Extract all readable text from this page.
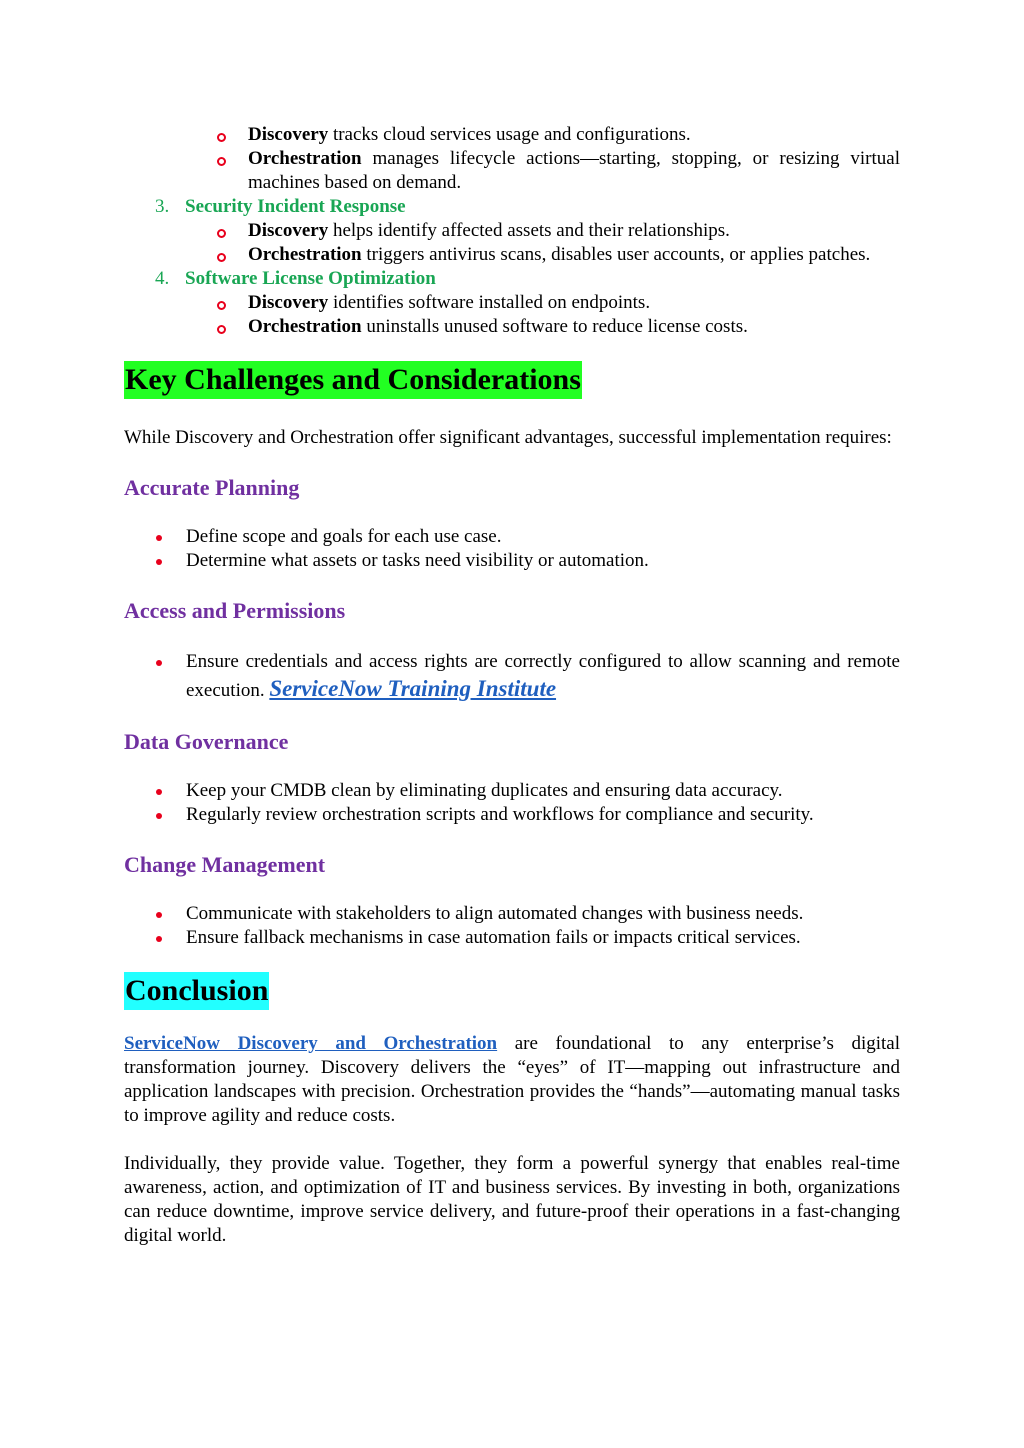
Discovery tracks cloud services usage and configurations.
Orchestration manages lifecycle actions—starting, stopping, or resizing virtual machines based on demand.
3. Security Incident Response
Discovery helps identify affected assets and their relationships.
Orchestration triggers antivirus scans, disables user accounts, or applies patches.
4. Software License Optimization
Discovery identifies software installed on endpoints.
Orchestration uninstalls unused software to reduce license costs.
Key Challenges and Considerations

While Discovery and Orchestration offer significant advantages, successful implementation requires:

Accurate Planning
Define scope and goals for each use case.
Determine what assets or tasks need visibility or automation.
Access and Permissions
Ensure credentials and access rights are correctly configured to allow scanning and remote execution. ServiceNow Training Institute
Data Governance
Keep your CMDB clean by eliminating duplicates and ensuring data accuracy.
Regularly review orchestration scripts and workflows for compliance and security.
Change Management
Communicate with stakeholders to align automated changes with business needs.
Ensure fallback mechanisms in case automation fails or impacts critical services.
Conclusion

ServiceNow Discovery and Orchestration are foundational to any enterprise’s digital transformation journey. Discovery delivers the “eyes” of IT—mapping out infrastructure and application landscapes with precision. Orchestration provides the “hands”—automating manual tasks to improve agility and reduce costs.

Individually, they provide value. Together, they form a powerful synergy that enables real-time awareness, action, and optimization of IT and business services. By investing in both, organizations can reduce downtime, improve service delivery, and future-proof their operations in a fast-changing digital world.
